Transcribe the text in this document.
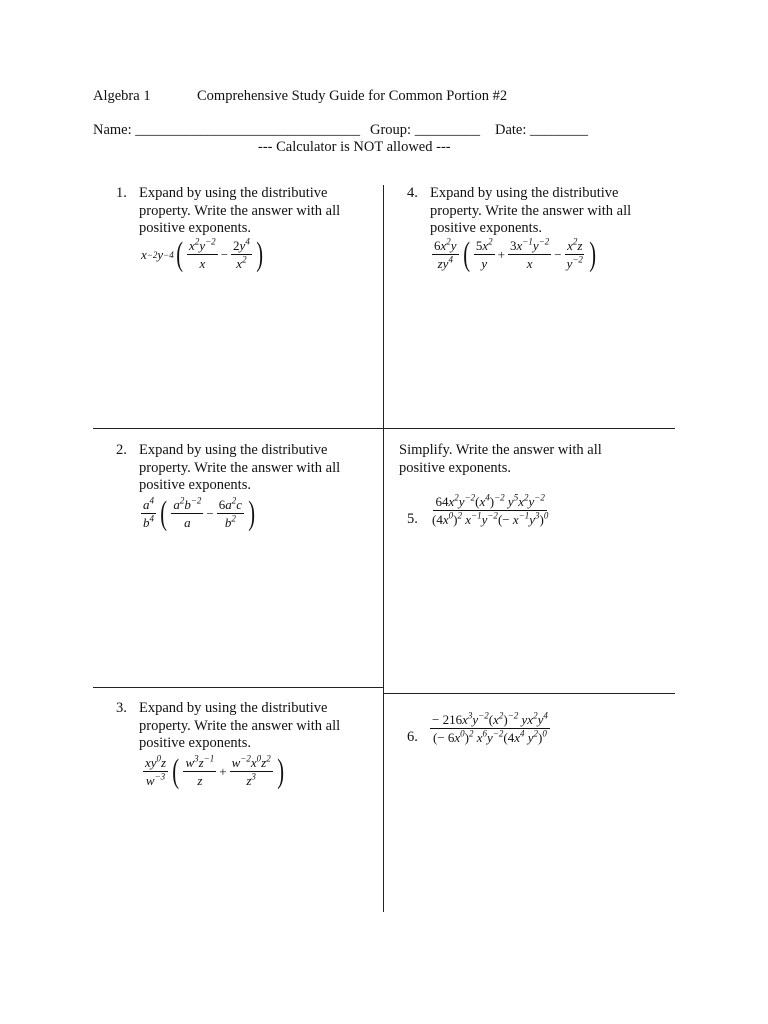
Algebra 1	Comprehensive Study Guide for Common Portion #2
Name: _______________________________ Group: _________ Date: ________
--- Calculator is NOT allowed ---
1. Expand by using the distributive
property. Write the answer with all
positive exponents.
x −2 y −4 ( $\frac{x^2y^{-2}}{x} - \frac{2y^4}{x^2}$ )
4. Expand by using the distributive
property. Write the answer with all
positive exponents.
$\frac{6x^2y}{zy^4}$ ( $\frac{5x^2}{y} + \frac{3x^{-1}y^{-2}}{x} - \frac{x^2z}{y^{-2}}$ )
2. Expand by using the distributive
property. Write the answer with all
positive exponents.
$\frac{a^4}{b^4}$ ( $\frac{a^2b^{-2}}{a} - \frac{6a^2c}{b^2}$ )
Simplify. Write the answer with all
positive exponents.
5. $\frac{64x^2y^{-2}(x^4)^{-2} y^5x^2y^{-2}}{(4x^0)^2 x^{-1}y^{-2}(- x^{-1}y^3)^0}$
3. Expand by using the distributive
property. Write the answer with all
positive exponents.
$\frac{xy^0z}{w^{-3}}$ ( $\frac{w^3z^{-1}}{z} + \frac{w^{-2}x^0z^2}{z^3}$ )
6. $\frac{- 216x^3y^{-2}(x^2)^{-2} yx^2y^4}{(- 6x^0)^2 x^6y^{-2}(4x^4 y^2)^0}$
